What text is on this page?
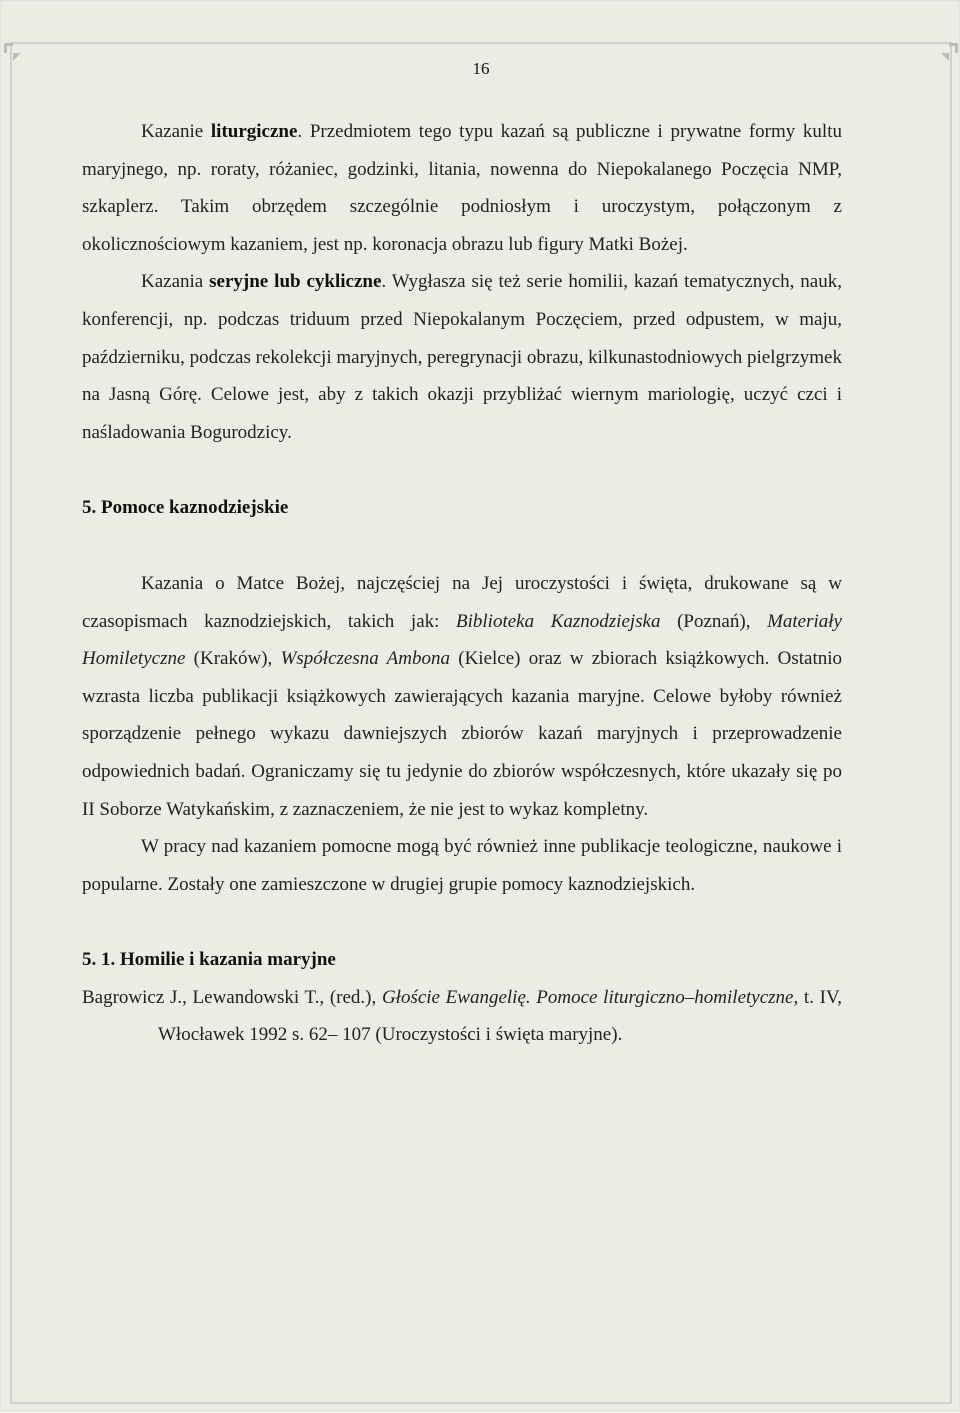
16

Kazanie liturgiczne. Przedmiotem tego typu kazań są publiczne i prywatne formy kultu maryjnego, np. roraty, różaniec, godzinki, litania, nowenna do Niepokalanego Poczęcia NMP, szkaplerz. Takim obrzędem szczególnie podniosłym i uroczystym, połączonym z okolicznościowym kazaniem, jest np. koronacja obrazu lub figury Matki Bożej.

Kazania seryjne lub cykliczne. Wygłasza się też serie homilii, kazań tematycznych, nauk, konferencji, np. podczas triduum przed Niepokalanym Poczęciem, przed odpustem, w maju, październiku, podczas rekolekcji maryjnych, peregrynacji obrazu, kilkunastodniowych pielgrzymek na Jasną Górę. Celowe jest, aby z takich okazji przybliżać wiernym mariologię, uczyć czci i naśladowania Bogurodzicy.

5. Pomoce kaznodziejskie

Kazania o Matce Bożej, najczęściej na Jej uroczystości i święta, drukowane są w czasopismach kaznodziejskich, takich jak: Biblioteka Kaznodziejska (Poznań), Materiały Homiletyczne (Kraków), Współczesna Ambona (Kielce) oraz w zbiorach książkowych. Ostatnio wzrasta liczba publikacji książkowych zawierających kazania maryjne. Celowe byłoby również sporządzenie pełnego wykazu dawniejszych zbiorów kazań maryjnych i przeprowadzenie odpowiednich badań. Ograniczamy się tu jedynie do zbiorów współczesnych, które ukazały się po II Soborze Watykańskim, z zaznaczeniem, że nie jest to wykaz kompletny.

W pracy nad kazaniem pomocne mogą być również inne publikacje teologiczne, naukowe i popularne. Zostały one zamieszczone w drugiej grupie pomocy kaznodziejskich.

5. 1. Homilie i kazania maryjne

Bagrowicz J., Lewandowski T., (red.), Głoście Ewangelię. Pomoce liturgiczno–homiletyczne, t. IV, Włocławek 1992 s. 62– 107 (Uroczystości i święta maryjne).
